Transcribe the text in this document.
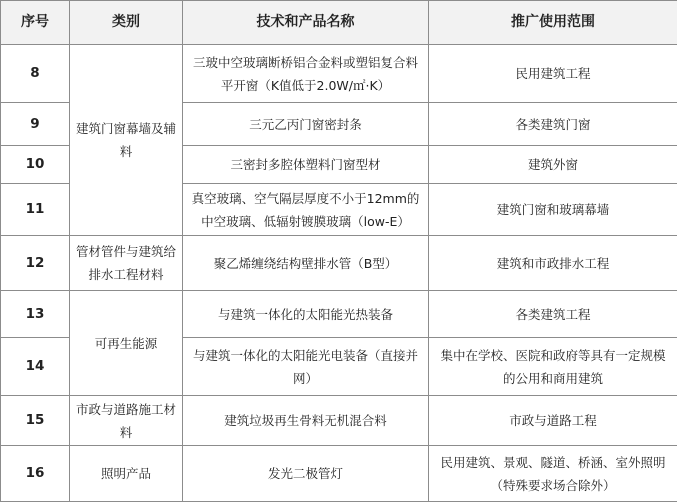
序号	类别	技术和产品名称	推广使用范围
8	建筑门窗幕墙及辅料	三玻中空玻璃断桥铝合金料或塑铝复合料平开窗（K值低于2.0W/㎡·K）	民用建筑工程
9		三元乙丙门窗密封条	各类建筑门窗
10		三密封多腔体塑料门窗型材	建筑外窗
11		真空玻璃、空气隔层厚度不小于12mm的中空玻璃、低辐射镀膜玻璃（low-E）	建筑门窗和玻璃幕墙
12	管材管件与建筑给排水工程材料	聚乙烯缠绕结构壁排水管（B型）	建筑和市政排水工程
13	可再生能源	与建筑一体化的太阳能光热装备	各类建筑工程
14		与建筑一体化的太阳能光电装备（直接并网）	集中在学校、医院和政府等具有一定规模的公用和商用建筑
15	市政与道路施工材料	建筑垃圾再生骨料无机混合料	市政与道路工程
16	照明产品	发光二极管灯	民用建筑、景观、隧道、桥涵、室外照明（特殊要求场合除外）
